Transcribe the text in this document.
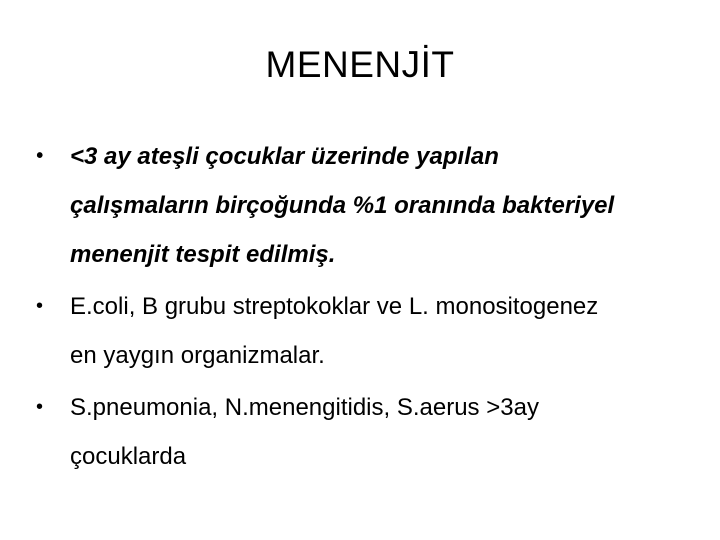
MENENJİT
•	<3 ay ateşli çocuklar üzerinde yapılan
çalışmaların birçoğunda %1 oranında bakteriyel
menenjit tespit edilmiş.
•	E.coli, B grubu streptokoklar ve L. monositogenez
en yaygın organizmalar.
•	S.pneumonia, N.menengitidis, S.aerus >3ay
çocuklarda
